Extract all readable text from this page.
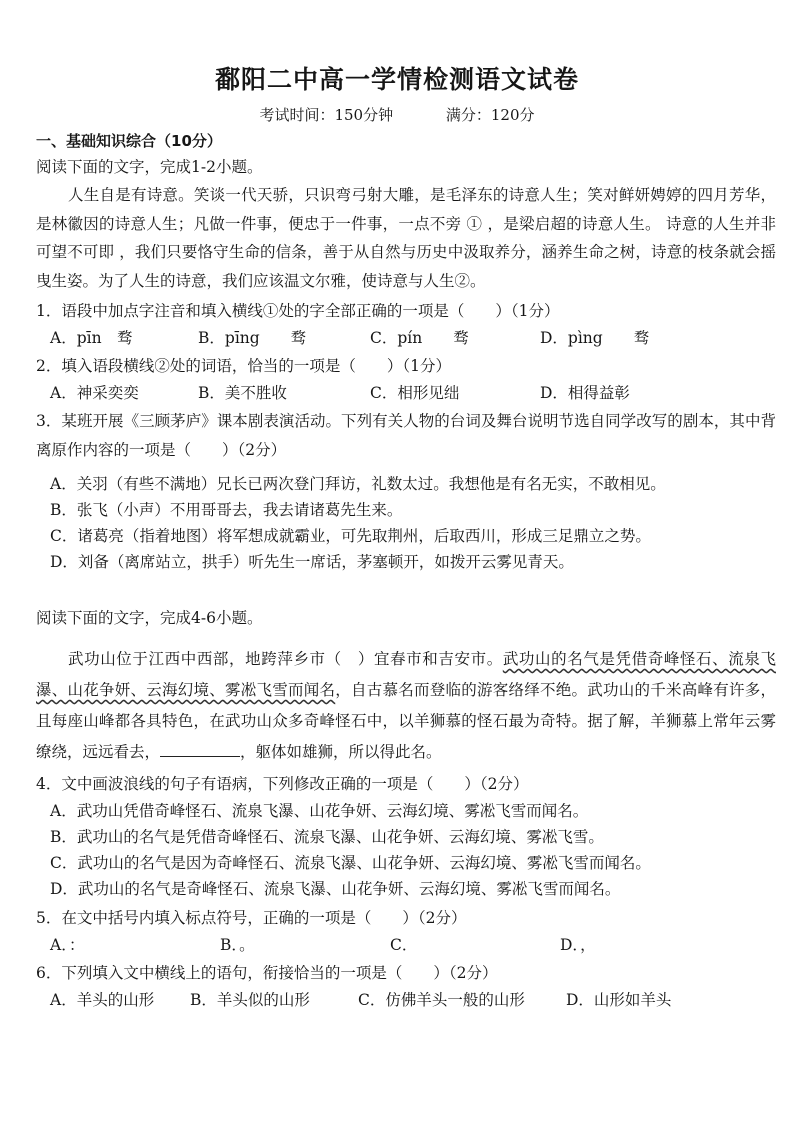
鄱阳二中高一学情检测语文试卷
考试时间：150分钟	满分：120分
一、基础知识综合（10分）
阅读下面的文字，完成1-2小题。
人生自是有诗意。笑谈一代天骄，只识弯弓射大雕，是毛泽东的诗意人生；笑对鲜妍娉婷的四月芳华，是林徽因的诗意人生；凡做一件事，便忠于一件事，一点不旁 ① ，是梁启超的诗意人生。 诗意的人生并非可望不可即 ，我们只要恪守生命的信条，善于从自然与历史中汲取养分，涵养生命之树，诗意的枝条就会摇曳生姿。为了人生的诗意，我们应该温文尔雅，使诗意与人生②。
1．语段中加点字注音和填入横线①处的字全部正确的一项是（　　）（1分）
A．pīn　骛	B．pīng　　骛	C．pín　　骛	D．pìng　　骛
2．填入语段横线②处的词语，恰当的一项是（　　）（1分）
A．神采奕奕	B．美不胜收	C．相形见绌	D．相得益彰
3．某班开展《三顾茅庐》课本剧表演活动。下列有关人物的台词及舞台说明节选自同学改写的剧本，其中背离原作内容的一项是（　　）（2分）
A．关羽（有些不满地）兄长已两次登门拜访，礼数太过。我想他是有名无实，不敢相见。
B．张飞（小声）不用哥哥去，我去请诸葛先生来。
C．诸葛亮（指着地图）将军想成就霸业，可先取荆州，后取西川，形成三足鼎立之势。
D．刘备（离席站立，拱手）听先生一席话，茅塞顿开，如拨开云雾见青天。
阅读下面的文字，完成4-6小题。
武功山位于江西中西部，地跨萍乡市（　）宜春市和吉安市。武功山的名气是凭借奇峰怪石、流泉飞瀑、山花争妍、云海幻境、雾凇飞雪而闻名，自古慕名而登临的游客络绎不绝。武功山的千米高峰有许多，且每座山峰都各具特色，在武功山众多奇峰怪石中，以羊狮慕的怪石最为奇特。据了解，羊狮慕上常年云雾缭绕，远远看去，	，躯体如雄狮，所以得此名。
4．文中画波浪线的句子有语病，下列修改正确的一项是（　　）（2分）
A．武功山凭借奇峰怪石、流泉飞瀑、山花争妍、云海幻境、雾凇飞雪而闻名。
B．武功山的名气是凭借奇峰怪石、流泉飞瀑、山花争妍、云海幻境、雾凇飞雪。
C．武功山的名气是因为奇峰怪石、流泉飞瀑、山花争妍、云海幻境、雾凇飞雪而闻名。
D．武功山的名气是奇峰怪石、流泉飞瀑、山花争妍、云海幻境、雾凇飞雪而闻名。
5．在文中括号内填入标点符号，正确的一项是（　　）（2分）
A．：	B．。	C．	D．，
6．下列填入文中横线上的语句，衔接恰当的一项是（　　）（2分）
A．羊头的山形	B．羊头似的山形	C．仿佛羊头一般的山形	D．山形如羊头
